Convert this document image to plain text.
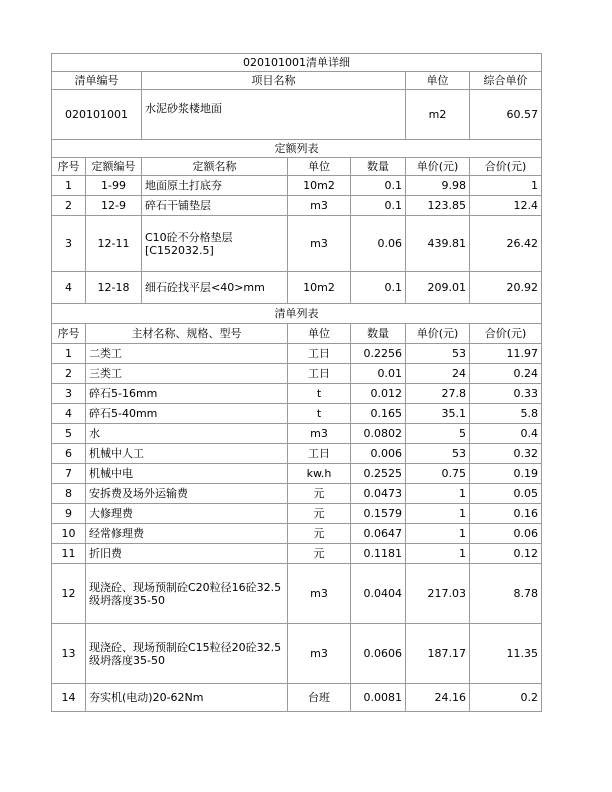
020101001清单详细						
清单编号		项目名称			单位	综合单价
020101001		水泥砂浆楼地面			m2	60.57
定额列表						
序号	定额编号	定额名称	单位	数量	单价(元)	合价(元)
1	1-99	地面原土打底夯	10m2	0.1	9.98	1
2	12-9	碎石干铺垫层	m3	0.1	123.85	12.4
3	12-11	C10砼不分格垫层[C152032.5]	m3	0.06	439.81	26.42
4	12-18	细石砼找平层<40>mm	10m2	0.1	209.01	20.92
清单列表						
序号	主材名称、规格、型号		单位	数量	单价(元)	合价(元)
1	二类工		工日	0.2256	53	11.97
2	三类工		工日	0.01	24	0.24
3	碎石5-16mm		t	0.012	27.8	0.33
4	碎石5-40mm		t	0.165	35.1	5.8
5	水		m3	0.0802	5	0.4
6	机械中人工		工日	0.006	53	0.32
7	机械中电		kw.h	0.2525	0.75	0.19
8	安拆费及场外运输费		元	0.0473	1	0.05
9	大修理费		元	0.1579	1	0.16
10	经常修理费		元	0.0647	1	0.06
11	折旧费		元	0.1181	1	0.12
12	现浇砼、现场预制砼C20粒径16砼32.5级坍落度35-50		m3	0.0404	217.03	8.78
13	现浇砼、现场预制砼C15粒径20砼32.5级坍落度35-50		m3	0.0606	187.17	11.35
14	夯实机(电动)20-62Nm		台班	0.0081	24.16	0.2
